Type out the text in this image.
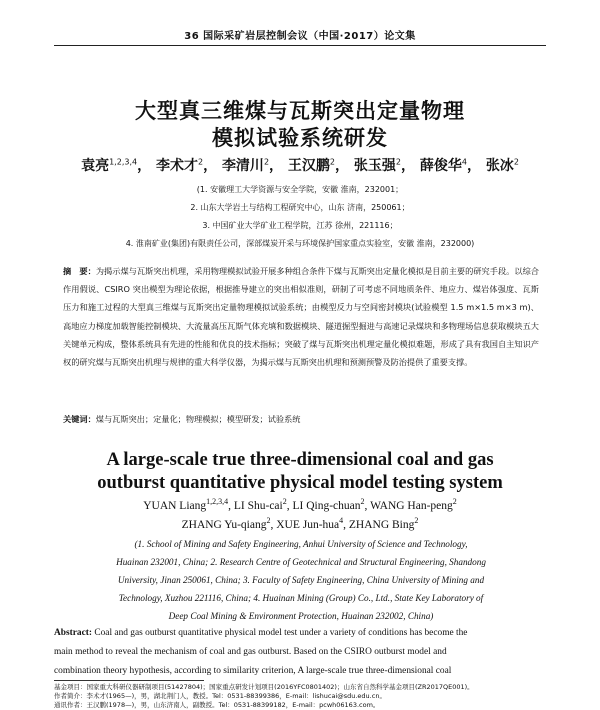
36 国际采矿岩层控制会议（中国·2017）论文集
大型真三维煤与瓦斯突出定量物理
模拟试验系统研发
袁亮$^{1,2,3,4}$， 李术才$^2$， 李清川$^2$， 王汉鹏$^2$， 张玉强$^2$， 薛俊华$^4$， 张冰$^2$
(1. 安徽理工大学资源与安全学院，安徽 淮南，232001；
2. 山东大学岩土与结构工程研究中心，山东 济南，250061；
3. 中国矿业大学矿业工程学院，江苏 徐州，221116；
4. 淮南矿业(集团)有限责任公司，深部煤炭开采与环境保护国家重点实验室，安徽 淮南，232000)
摘　要：为揭示煤与瓦斯突出机理，采用物理模拟试验开展多种组合条件下煤与瓦斯突出定量化模拟是目前主要的研究手段。以综合作用假说、CSIRO 突出模型为理论依据，根据推导建立的突出相似准则，研制了可考虑不同地质条件、地应力、煤岩体强度、瓦斯压力和施工过程的大型真三维煤与瓦斯突出定量物理模拟试验系统；由模型反力与空间密封模块(试验模型 1.5 m×1.5 m×3 m)、高地应力梯度加载智能控制模块、大流量高压瓦斯气体充填和数据模块、隧道掘型掘进与高速记录煤块和多物理场信息获取模块五大关键单元构成，整体系统具有先进的性能和优良的技术指标；突破了煤与瓦斯突出机理定量化模拟难题，形成了具有我国自主知识产权的研究煤与瓦斯突出机理与规律的重大科学仪器，为揭示煤与瓦斯突出机理和预测预警及防治提供了重要支撑。
关键词：煤与瓦斯突出；定量化；物理模拟；模型研发；试验系统
A large-scale true three-dimensional coal and gas
outburst quantitative physical model testing system
YUAN Liang$^{1,2,3,4}$, LI Shu-cai$^2$, LI Qing-chuan$^2$, WANG Han-peng$^2$
ZHANG Yu-qiang$^2$, XUE Jun-hua$^4$, ZHANG Bing$^2$
(1. School of Mining and Safety Engineering, Anhui University of Science and Technology,
Huainan 232001, China; 2. Research Centre of Geotechnical and Structural Engineering, Shandong
University, Jinan 250061, China; 3. Faculty of Safety Engineering, China University of Mining and
Technology, Xuzhou 221116, China; 4. Huainan Mining (Group) Co., Ltd., State Key Laboratory of
Deep Coal Mining & Environment Protection, Huainan 232002, China)
Abstract: Coal and gas outburst quantitative physical model test under a variety of conditions has become the
main method to reveal the mechanism of coal and gas outburst. Based on the CSIRO outburst model and
combination theory hypothesis, according to similarity criterion, A large-scale true three-dimensional coal
基金项目：国家重大科研仪器研制项目(51427804)；国家重点研发计划项目(2016YFC0801402)；山东省自然科学基金项目(ZR2017QE001)。
作者简介：李术才(1965—)，男，湖北荆门人，教授。Tel：0531-88399386，E-mail：lishucai@sdu.edu.cn。
通讯作者：王汉鹏(1978—)，男，山东济南人，副教授。Tel：0531-88399182，E-mail：pcwh06163.com。
